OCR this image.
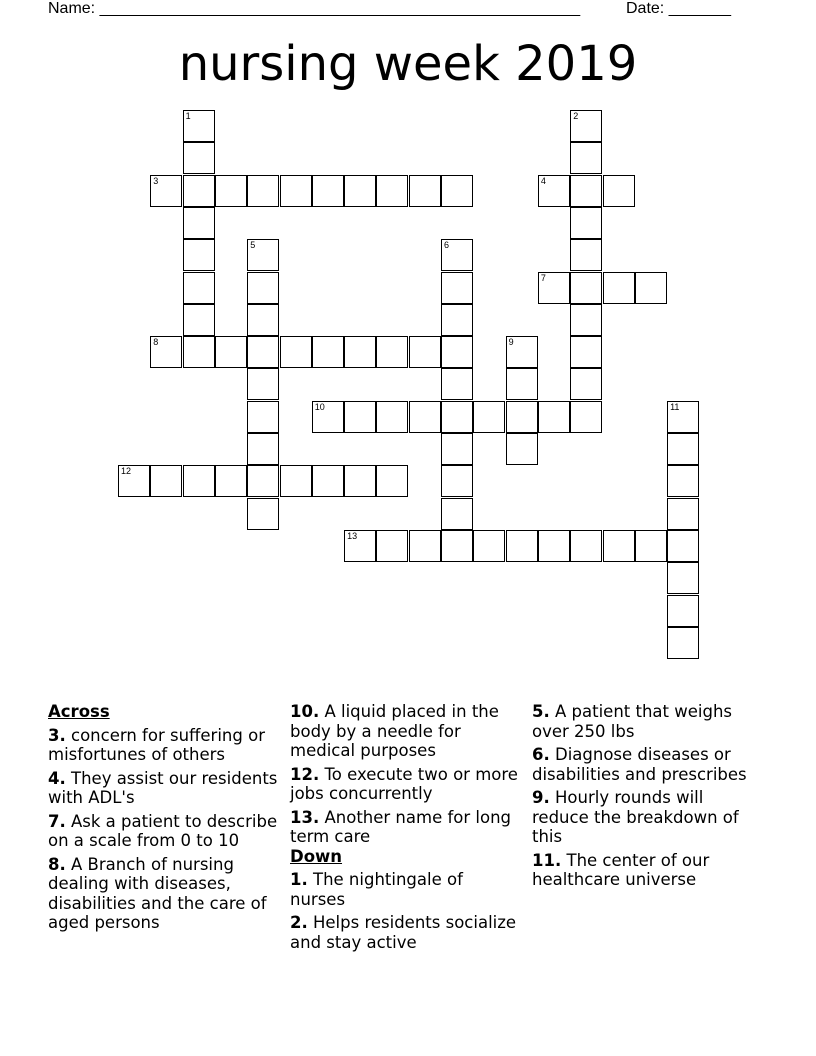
Name: ______________________________________________________	Date: _______
nursing week 2019
1	2
3	4
5	6
7
8	9
10	11
12
13
Across
3. concern for suffering or misfortunes of others
4. They assist our residents with ADL's
7. Ask a patient to describe on a scale from 0 to 10
8. A Branch of nursing dealing with diseases, disabilities and the care of aged persons
10. A liquid placed in the body by a needle for medical purposes
12. To execute two or more jobs concurrently
13. Another name for long term care
Down
1. The nightingale of nurses
2. Helps residents socialize and stay active
5. A patient that weighs over 250 lbs
6. Diagnose diseases or disabilities and prescribes
9. Hourly rounds will reduce the breakdown of this
11. The center of our healthcare universe
